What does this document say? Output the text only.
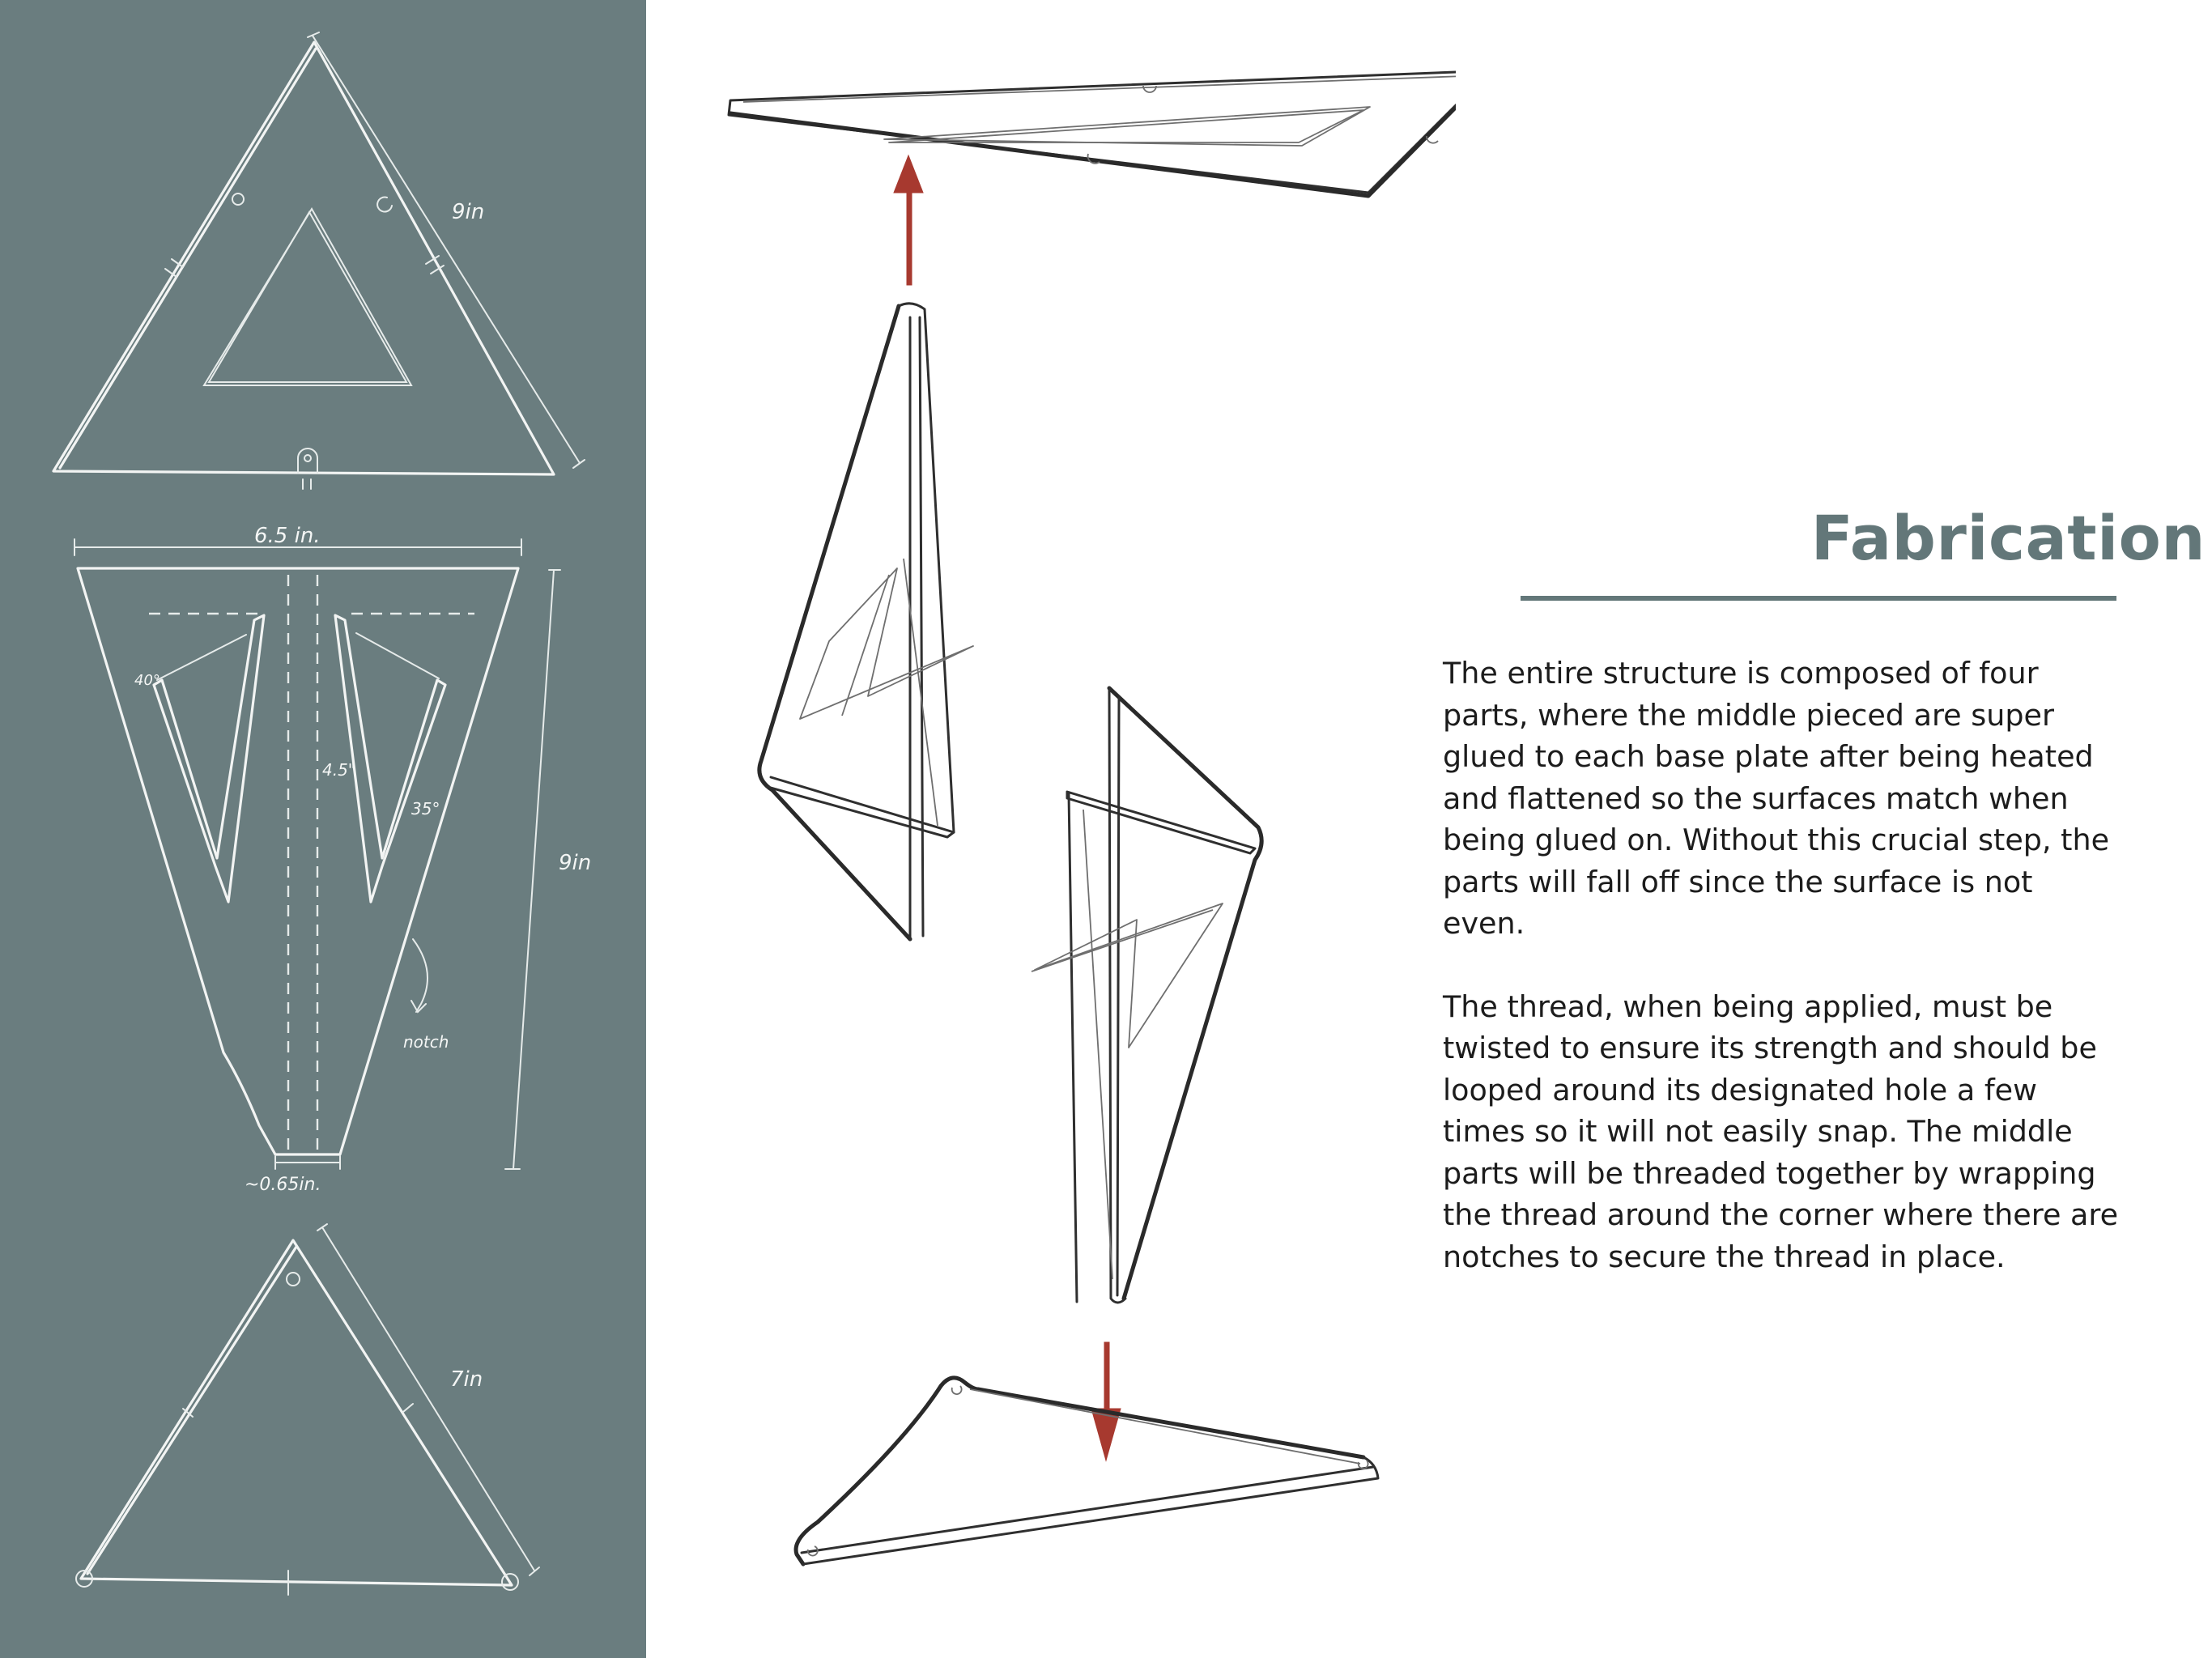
9in
6.5 in.
9in
40°
35°
4.5"
notch
~0.65in.
7in
Fabrication

The entire structure is composed of four parts, where the middle pieced are super glued to each base plate after being heated and flattened so the surfaces match when being glued on. Without this crucial step, the parts will fall off since the surface is not even.

The thread, when being applied, must be twisted to ensure its strength and should be looped around its designated hole a few times so it will not easily snap. The middle parts will be threaded together by wrapping the thread around the corner where there are notches to secure the thread in place.
